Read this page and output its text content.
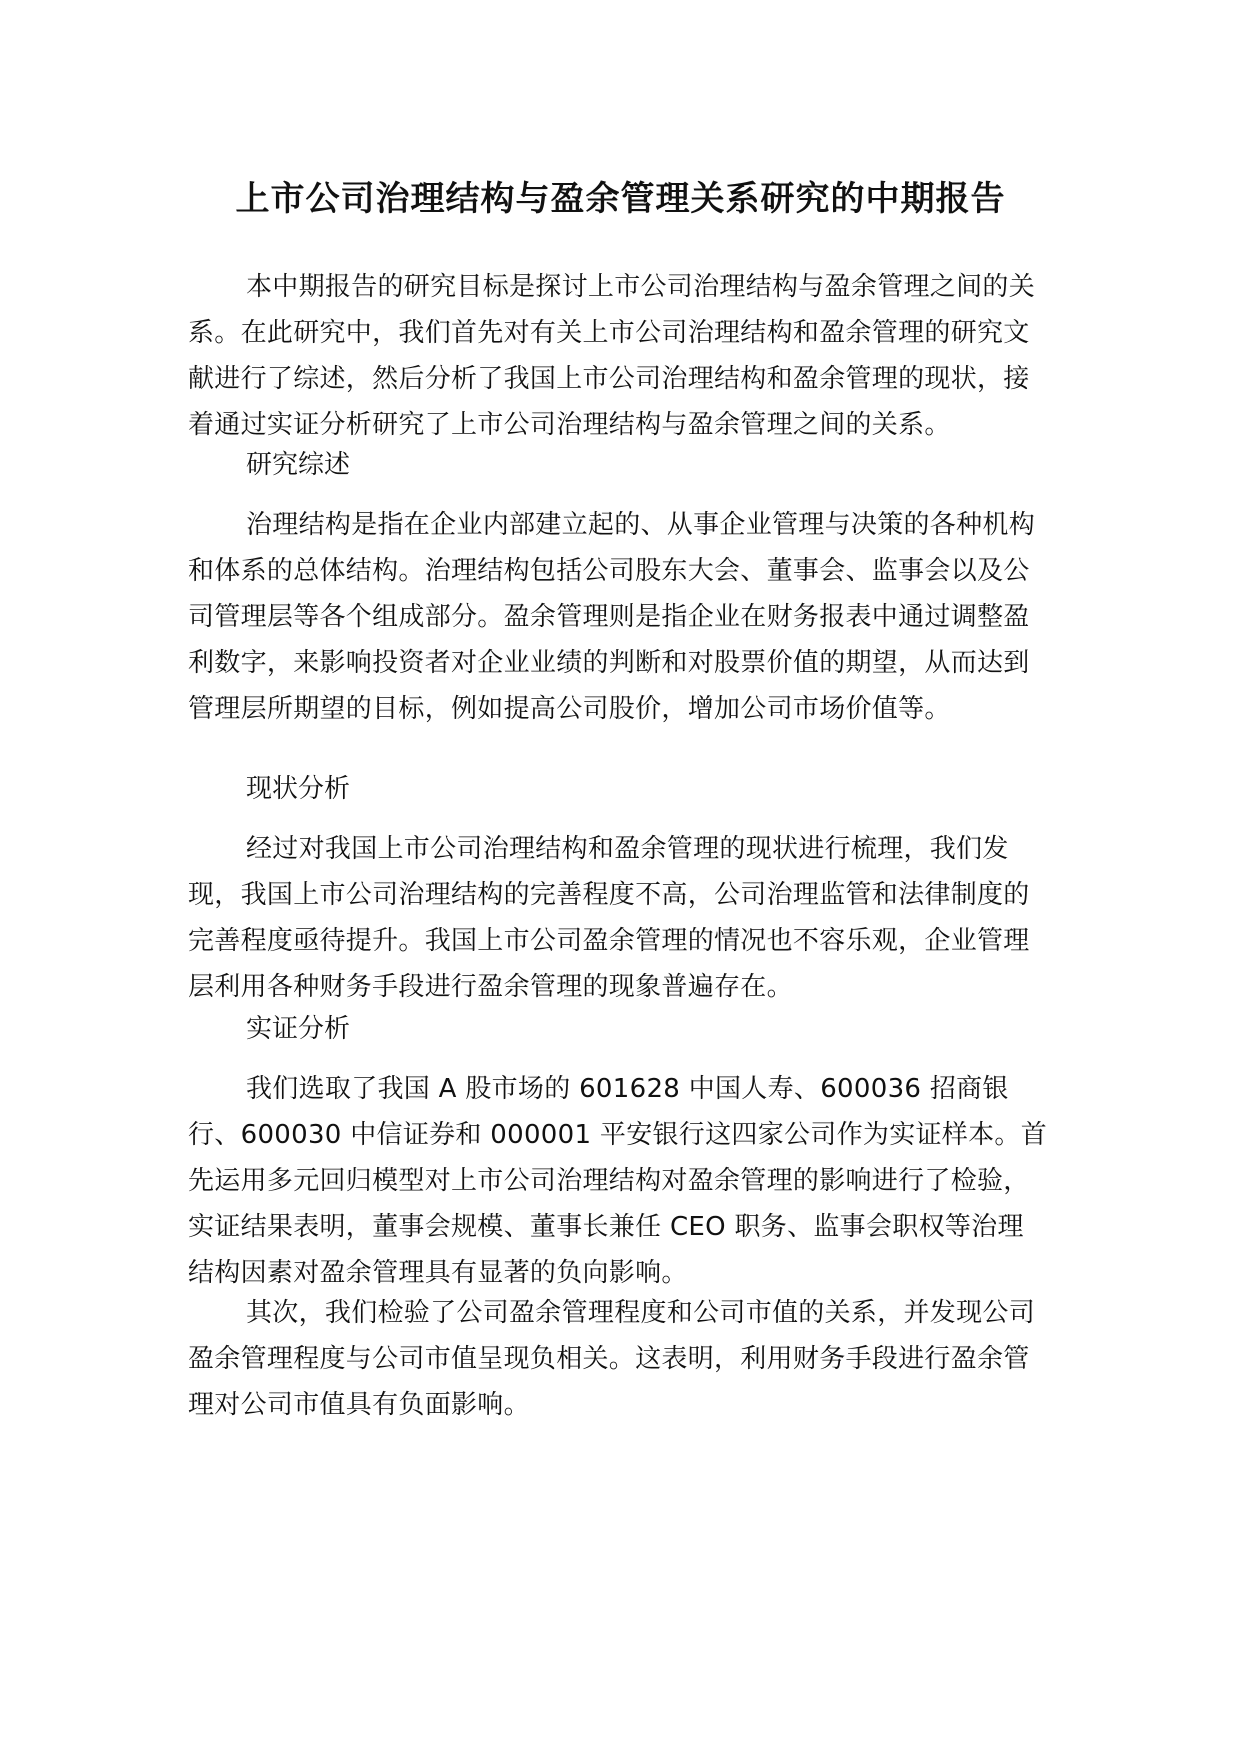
上市公司治理结构与盈余管理关系研究的中期报告

本中期报告的研究目标是探讨上市公司治理结构与盈余管理之间的关系。在此研究中，我们首先对有关上市公司治理结构和盈余管理的研究文献进行了综述，然后分析了我国上市公司治理结构和盈余管理的现状，接着通过实证分析研究了上市公司治理结构与盈余管理之间的关系。

研究综述

治理结构是指在企业内部建立起的、从事企业管理与决策的各种机构和体系的总体结构。治理结构包括公司股东大会、董事会、监事会以及公司管理层等各个组成部分。盈余管理则是指企业在财务报表中通过调整盈利数字，来影响投资者对企业业绩的判断和对股票价值的期望，从而达到管理层所期望的目标，例如提高公司股价，增加公司市场价值等。

现状分析

经过对我国上市公司治理结构和盈余管理的现状进行梳理，我们发现，我国上市公司治理结构的完善程度不高，公司治理监管和法律制度的完善程度亟待提升。我国上市公司盈余管理的情况也不容乐观，企业管理层利用各种财务手段进行盈余管理的现象普遍存在。

实证分析

我们选取了我国 A 股市场的 601628 中国人寿、600036 招商银行、600030 中信证券和 000001 平安银行这四家公司作为实证样本。首先运用多元回归模型对上市公司治理结构对盈余管理的影响进行了检验，实证结果表明，董事会规模、董事长兼任 CEO 职务、监事会职权等治理结构因素对盈余管理具有显著的负向影响。

其次，我们检验了公司盈余管理程度和公司市值的关系，并发现公司盈余管理程度与公司市值呈现负相关。这表明，利用财务手段进行盈余管理对公司市值具有负面影响。
